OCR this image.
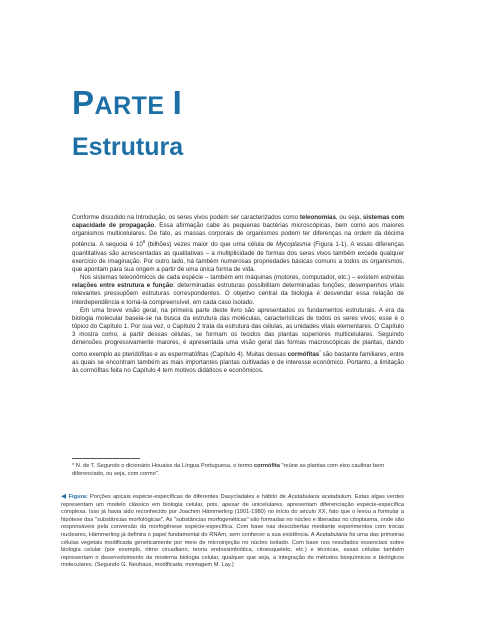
PARTE I
Estrutura

Conforme discutido na Introdução, os seres vivos podem ser caracterizados como teleonomias, ou seja, sistemas com capacidade de propagação. Essa afirmação cabe às pequenas bactérias microscópicas, bem como aos maiores organismos multicelulares. De fato, as massas corporais de organismos podem ter diferenças na ordem da décima potência. A sequoia é $10^9$ (bilhões) vezes maior do que uma célula de Mycoplasma (Figura 1-1). A essas diferenças quantitativas são acrescentadas as qualitativas – a multiplicidade de formas dos seres vivos também excede qualquer exercício de imaginação. Por outro lado, há também numerosas propriedades básicas comuns a todos os organismos, que apontam para sua origem a partir de uma única forma de vida.

Nos sistemas teleonômicos de cada espécie – também em máquinas (motores, computador, etc.) – existem estreitas relações entre estrutura e função: determinadas estruturas possibilitam determinadas funções; desempenhos vitais relevantes pressupõem estruturas correspondentes. O objetivo central da biologia é desvendar essa relação de interdependência e torná-la compreensível, em cada caso isolado.

Em uma breve visão geral, na primeira parte deste livro são apresentados os fundamentos estruturais. A era da biologia molecular baseia-se na busca da estrutura das moléculas, características de todos os seres vivos; esse é o tópico do Capítulo 1. Por sua vez, o Capítulo 2 trata da estrutura das células, as unidades vitais elementares. O Capítulo 3 mostra como, a partir dessas células, se formam os tecidos das plantas superiores multicelulares. Seguindo dimensões progressivamente maiores, é apresentada uma visão geral das formas macroscópicas de plantas, dando como exemplo as pteridófitas e as espermatófitas (Capítulo 4). Muitas dessas cormófitas* são bastante familiares, entre as quais se encontram também as mais importantes plantas cultivadas e de interesse econômico. Portanto, a limitação às cormófitas feita no Capítulo 4 tem motivos didáticos e econômicos.

* N. de T. Segundo o dicionário Houaiss da Língua Portuguesa, o termo cormófita "reúne as plantas com eixo caulinar bem diferenciado, ou seja, com cormo".
◀ Figura: Porções apicais espécie-específicas de diferentes Dasycladales e hábito de Acetabularia acetabulum. Estas algas verdes representam um modelo clássico em biologia celular, pois, apesar de unicelulares, apresentam diferenciação espécie-específica complexa. Isso já havia sido reconhecido por Joachim Hämmerling (1901-1980) no início do século XX, fato que o levou a formular a hipótese das "substâncias morfológicas". As "substâncias morfogenéticas" são formadas no núcleo e liberadas no citoplasma, onde são responsáveis pela conversão da morfogênese espécie-específica. Com base nas descobertas mediante experimentos com trocas nucleares, Hämmerling já definira o papel fundamental do RNAm, sem conhecer a sua existência. A Acetabularia foi uma das primeiras células vegetais modificada geneticamente por meio de microinjeção no núcleo isolado. Com base nos resultados essenciais sobre biologia celular (por exemplo, ritmo circadiano, teoria endossimbiótica, citoesqueleto, etc.) e técnicas, essas células também representam o desenvolvimento da moderna biologia celular, qualquer que seja, a integração de métodos bioquímicos e biológicos moleculares. (Segundo G. Neuhaus, modificada; montagem M. Lay.)
